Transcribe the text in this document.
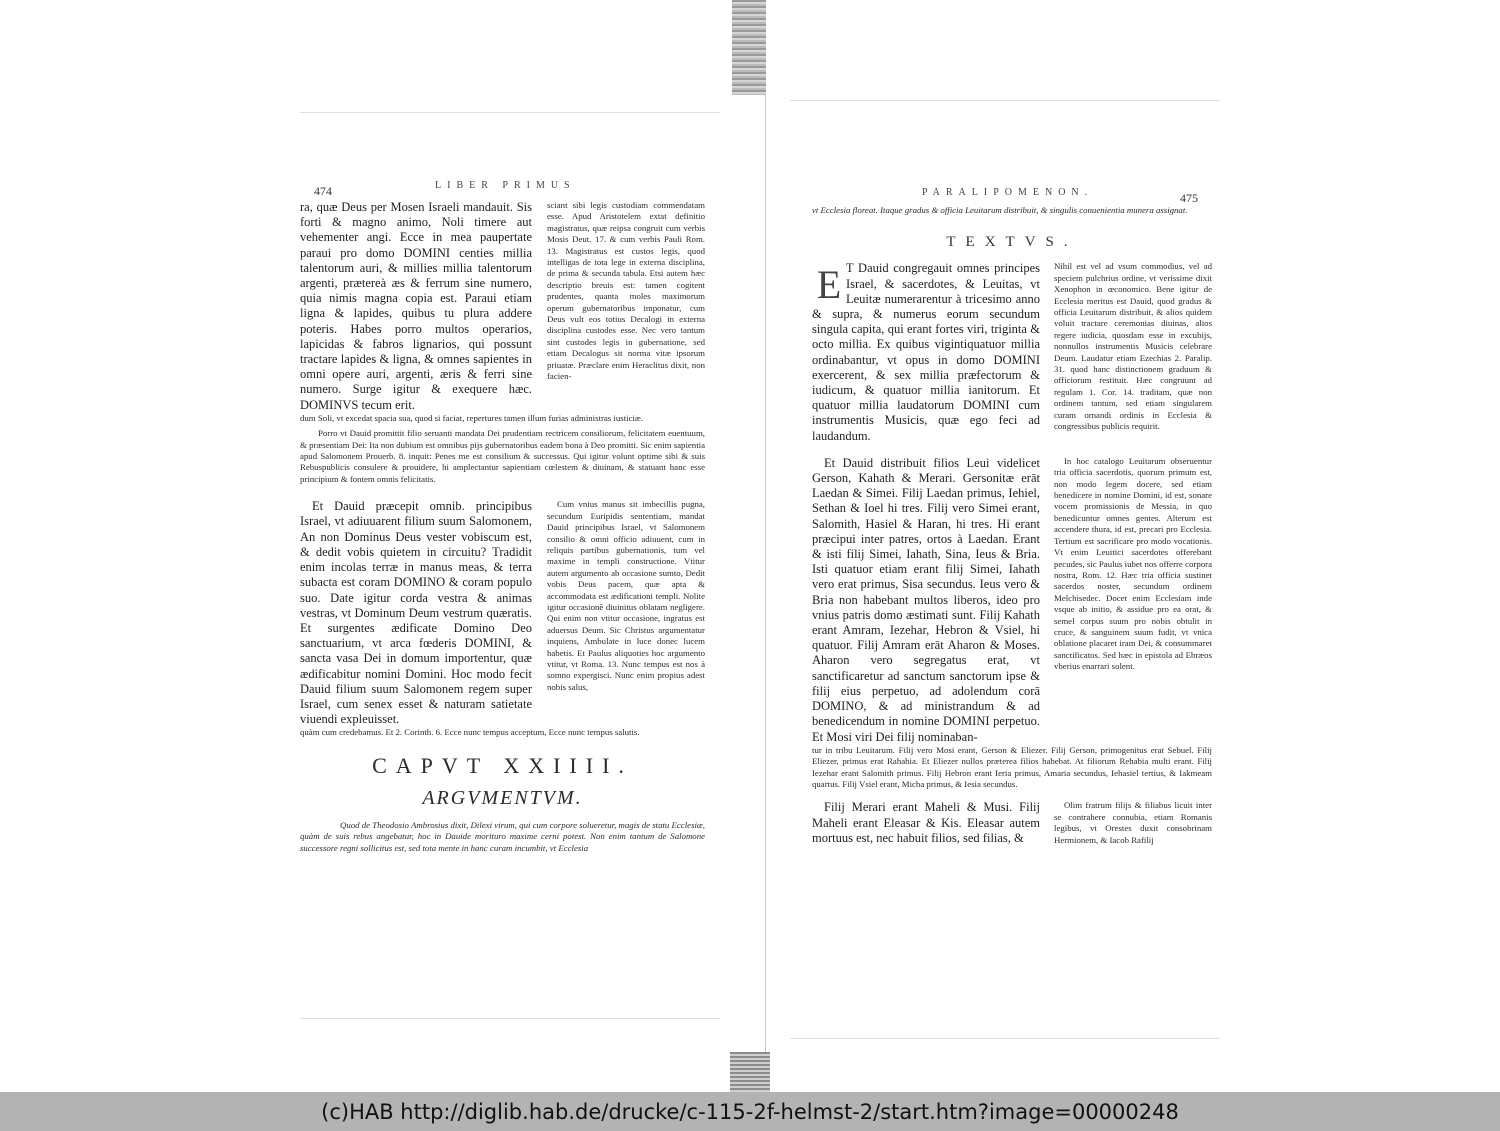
474	LIBER PRIMUS
ra, quæ Deus per Mosen Israeli mandauit. Sis forti & magno animo, Noli timere aut vehementer angi. Ecce in mea paupertate paraui pro domo DOMINI centies millia talentorum auri, & millies millia talentorum argenti, prætereà æs & ferrum sine numero, quia nimis magna copia est. Paraui etiam ligna & lapides, quibus tu plura addere poteris. Habes porro multos operarios, lapicidas & fabros lignarios, qui possunt tractare lapides & ligna, & omnes sapientes in omni opere auri, argenti, æris & ferri sine numero. Surge igitur & exequere hæc. DOMINVS tecum erit.
sciant sibi legis custodiam commendatam esse. Apud Aristotelem extat definitio magistratus, quæ reipsa congruit cum verbis Mosis Deut. 17. & cum verbis Pauli Rom. 13. Magistratus est custos legis, quod intelligas de tota lege in externa disciplina, de prima & secunda tabula. Etsi autem hæc descriptio breuis est: tamen cogitent prudentes, quanta moles maximorum operum gubernatoribus imponatur, cum Deus vult eos totius Decalogi in externa disciplina custodes esse. Nec vero tantum sint custodes legis in gubernatione, sed etiam Decalogus sit norma vitæ ipsorum priuatæ. Præclare enim Heraclitus dixit, non facien-
dum Soli, vt excedat spacia sua, quod si faciat, repertures tamen illum furias administras iusticiæ.
Porro vt Dauid promittit filio seruanti mandata Dei prudentiam rectricem consiliorum, felicitatem euentuum, & præsentiam Dei: Ita non dubium est omnibus pijs gubernatoribus eadem bona à Deo promitti. Sic enim sapientia apud Salomonem Prouerb. 8. inquit: Penes me est consilium & successus. Qui igitur volunt optime sibi & suis Rebuspublicis consulere & prouidere, hi amplectantur sapientiam cœlestem & diuinam, & statuant hanc esse principium & fontem omnis felicitatis.
Et Dauid præcepit omnib. principibus Israel, vt adiuuarent filium suum Salomonem, An non Dominus Deus vester vobiscum est, & dedit vobis quietem in circuitu? Tradidit enim incolas terræ in manus meas, & terra subacta est coram DOMINO & coram populo suo. Date igitur corda vestra & animas vestras, vt Dominum Deum vestrum quæratis. Et surgentes ædificate Domino Deo sanctuarium, vt arca fœderis DOMINI, & sancta vasa Dei in domum importentur, quæ ædificabitur nomini Domini. Hoc modo fecit Dauid filium suum Salomonem regem super Israel, cum senex esset & naturam satietate viuendi expleuisset.
Cum vnius manus sit imbecillis pugna, secundum Euripidis sententiam, mandat Dauid principibus Israel, vt Salomonem consilio & omni officio adiuuent, cum in reliquis partibus gubernationis, tum vel maxime in templi constructione. Vtitur autem argumento ab occasione sumto, Dedit vobis Deus pacem, quæ apta & accommodata est ædificationi templi. Nolite igitur occasionē diuinitus oblatam negligere. Qui enim non vtitur occasione, ingratus est aduersus Deum. Sic Christus argumentatur inquiens, Ambulate in luce donec lucem habetis. Et Paulus aliquoties hoc argumento vtitur, vt Roma. 13. Nunc tempus est nos à somno expergisci. Nunc enim propius adest nobis salus,
quàm cum credebamus. Et 2. Corinth. 6. Ecce nunc tempus acceptum, Ecce nunc tempus salutis.
CAPVT XXIIII.
ARGVMENTVM.
Quod de Theodosio Ambrosius dixit, Dilexi virum, qui cum corpore solueretur, magis de statu Ecclesiæ, quàm de suis rebus angebatur, hoc in Dauide morituro maxime cerni potest. Non enim tantum de Salomone successore regni sollicitus est, sed tota mente in hanc curam incumbit, vt Ecclesia
PARALIPOMENON.	475
vt Ecclesia floreat. Itaque gradus & officia Leuitarum distribuit, & singulis conuenientia munera assignat.
TEXTVS.
E T Dauid congregauit omnes principes Israel, & sacerdotes, & Leuitas, vt Leuitæ numerarentur à tricesimo anno & supra, & numerus eorum secundum singula capita, qui erant fortes viri, triginta & octo millia. Ex quibus vigintiquatuor millia ordinabantur, vt opus in domo DOMINI exercerent, & sex millia præfectorum & iudicum, & quatuor millia ianitorum. Et quatuor millia laudatorum DOMINI cum instrumentis Musicis, quæ ego feci ad laudandum.
Nihil est vel ad vsum commodius, vel ad speciem pulchrius ordine, vt verissime dixit Xenophon in œconomico. Bene igitur de Ecclesia meritus est Dauid, quod gradus & officia Leuitarum distribuit, & alios quidem voluit tractare ceremonias diuinas, alios regere iudicia, quosdam esse in excubijs, nonnullos instrumentis Musicis celebrare Deum. Laudatur etiam Ezechias 2. Paralip. 31. quod hanc distinctionem graduum & officiorum restituit. Hæc congruunt ad regulam 1. Cor. 14. traditam, quæ non ordinem tantum, sed etiam singularem curam ornandi ordinis in Ecclesia & congressibus publicis requirit.
Et Dauid distribuit filios Leui videlicet Gerson, Kahath & Merari. Gersonitæ erāt Laedan & Simei. Filij Laedan primus, Iehiel, Sethan & Ioel hi tres. Filij vero Simei erant, Salomith, Hasiel & Haran, hi tres. Hi erant præcipui inter patres, ortos à Laedan. Erant & isti filij Simei, Iahath, Sina, Ieus & Bria. Isti quatuor etiam erant filij Simei, Iahath vero erat primus, Sisa secundus. Ieus vero & Bria non habebant multos liberos, ideo pro vnius patris domo æstimati sunt. Filij Kahath erant Amram, Iezehar, Hebron & Vsiel, hi quatuor. Filij Amram erāt Aharon & Moses. Aharon vero segregatus erat, vt sanctificaretur ad sanctum sanctorum ipse & filij eius perpetuo, ad adolendum corā DOMINO, & ad ministrandum & ad benedicendum in nomine DOMINI perpetuo. Et Mosi viri Dei filij nominaban-
In hoc catalogo Leuitarum obseruentur tria officia sacerdotis, quorum primum est, non modo legem docere, sed etiam benedicere in nomine Domini, id est, sonare vocem promissionis de Messia, in quo benedicuntur omnes gentes. Alterum est accendere thura, id est, precari pro Ecclesia. Tertium est sacrificare pro modo vocationis. Vt enim Leuitici sacerdotes offerebant pecudes, sic Paulus iubet nos offerre corpora nostra, Rom. 12. Hæc tria officia sustinet sacerdos noster, secundum ordinem Melchisedec. Docet enim Ecclesiam inde vsque ab initio, & assidue pro ea orat, & semel corpus suum pro nobis obtulit in cruce, & sanguinem suum fudit, vt vnica oblatione placaret iram Dei, & consummaret sanctificatos. Sed hæc in epistola ad Ebræos vberius enarrari solent.
tur in tribu Leuitarum. Filij vero Mosi erant, Gerson & Eliezer. Filij Gerson, primogenitus erat Sebuel. Filij Eliezer, primus erat Rahabia. Et Eliezer nullos præterea filios habebat. At filiorum Rehabia multi erant. Filij Iezehar erant Salomith primus. Filij Hebron erant Ieria primus, Amaria secundus, Iehasiel tertius, & Iakmeam quartus. Filij Vsiel erant, Micha primus, & Iesia secundus.
Filij Merari erant Maheli & Musi. Filij Maheli erant Eleasar & Kis. Eleasar autem mortuus est, nec habuit filios, sed filias, &
Olim fratrum filijs & filiabus licuit inter se contrahere connubia, etiam Romanis legibus, vt Orestes duxit consobrinam Hermionem, & Iacob Rafilij
(c)HAB http://diglib.hab.de/drucke/c-115-2f-helmst-2/start.htm?image=00000248
